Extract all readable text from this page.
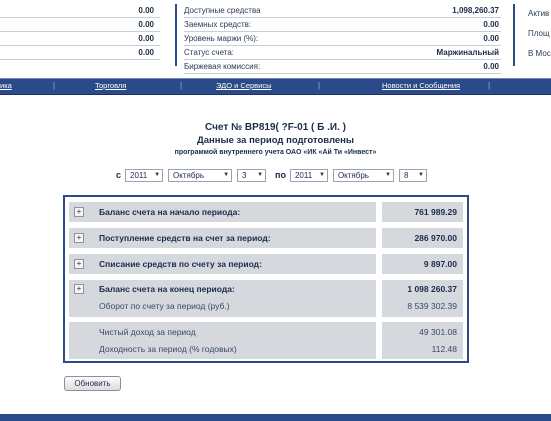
0.00
0.00
0.00
0.00
Доступные средства	1,098,260.37
Заемных средств:	0.00
Уровень маржи (%):	0.00
Статус счета:	Маржинальный
Биржевая комиссия:	0.00
Актив
Площ
В Мос
ика	|	Торговля	|	ЭДО и Сервисы	|	Новости и Сообщения	|
Счет № BP819( ?F-01 ( Б .И. )
Данные за период подготовлены
программой внутреннего учета ОАО «ИК «Ай Ти «Инвест»
с 2011 ▼ Октябрь	▼ 3 ▼ по 2011 ▼ Октябрь	▼ 8 ▼
+	Баланс счета на начало периода:	761 989.29
+	Поступление средств на счет за период:	286 970.00
+	Списание средств по счету за период:	9 897.00
+	Баланс счета на конец периода:	1 098 260.37
Оборот по счету за период (руб.)	8 539 302.39
Чистый доход за период	49 301.08
Доходность за период (% годовых)	112.48
Обновить
